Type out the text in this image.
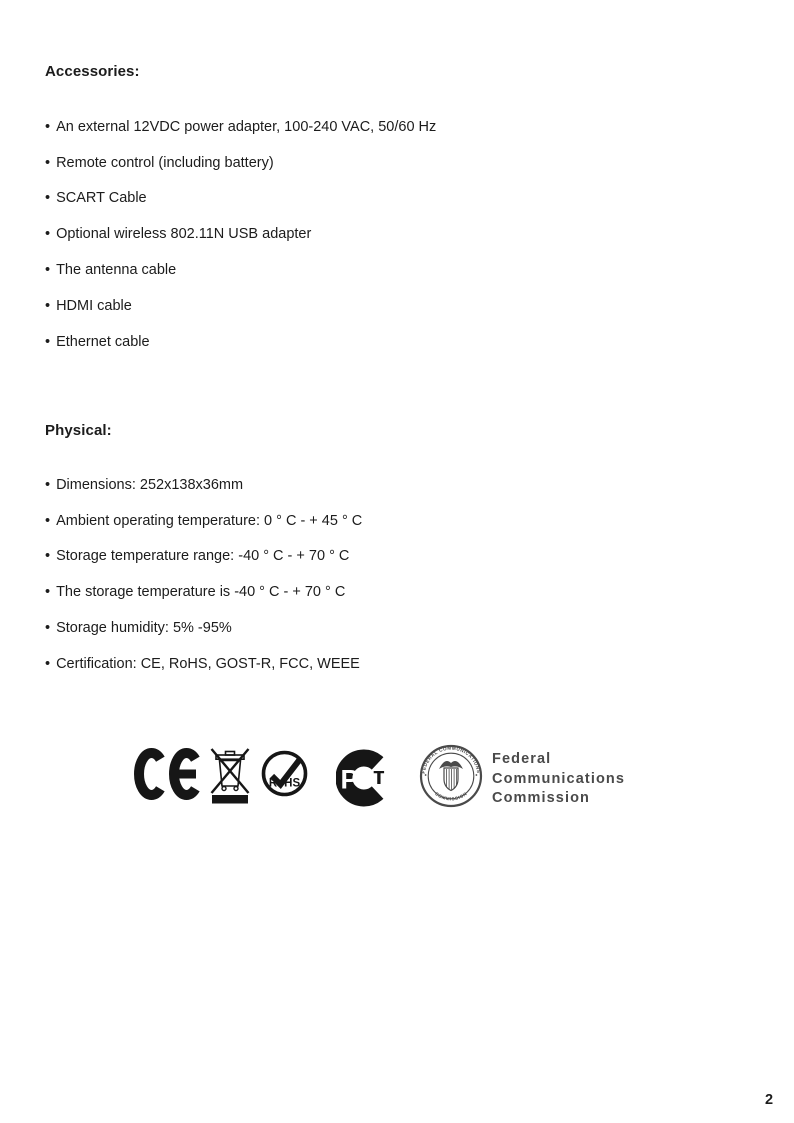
Accessories:
• An external 12VDC power adapter, 100-240 VAC, 50/60 Hz
• Remote control (including battery)
• SCART Cable
• Optional wireless 802.11N USB adapter
• The antenna cable
• HDMI cable
• Ethernet cable
Physical:
• Dimensions: 252x138x36mm
• Ambient operating temperature: 0 ° C - + 45 ° C
• Storage temperature range: -40 ° C - + 70 ° C
• The storage temperature is -40 ° C - + 70 ° C
• Storage humidity: 5% -95%
• Certification: CE, RoHS, GOST-R, FCC, WEEE
RoHS Р т	FEDERAL COMMUNICATIONS
COMMISSION
Federal
Communications
Commission
2
